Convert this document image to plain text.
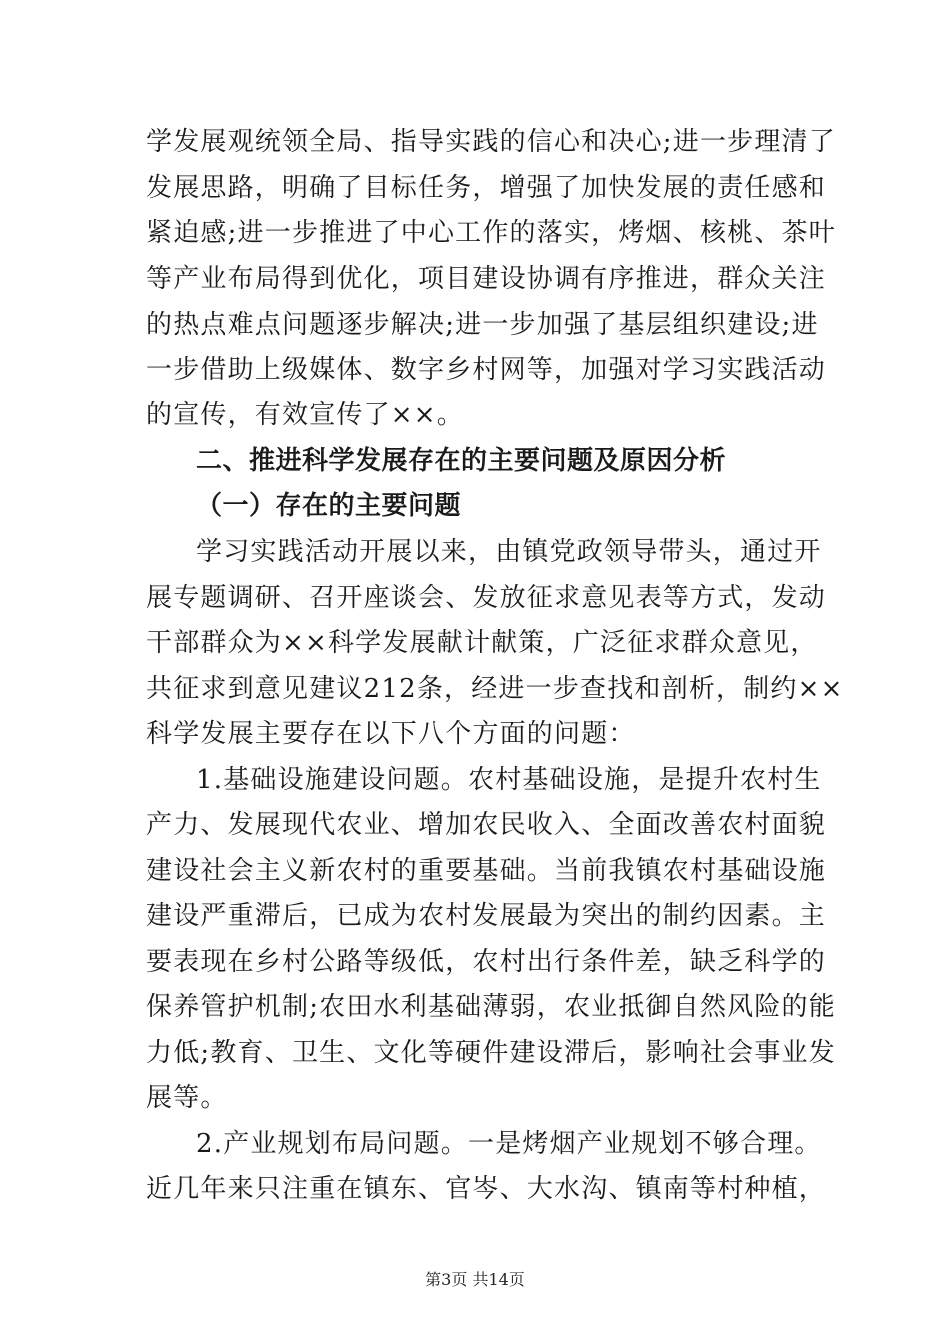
学发展观统领全局、指导实践的信心和决心;进一步理清了
发展思路，明确了目标任务，增强了加快发展的责任感和
紧迫感;进一步推进了中心工作的落实，烤烟、核桃、茶叶
等产业布局得到优化，项目建设协调有序推进，群众关注
的热点难点问题逐步解决;进一步加强了基层组织建设;进
一步借助上级媒体、数字乡村网等，加强对学习实践活动
的宣传，有效宣传了××。
二、推进科学发展存在的主要问题及原因分析
（一）存在的主要问题
学习实践活动开展以来，由镇党政领导带头，通过开
展专题调研、召开座谈会、发放征求意见表等方式，发动
干部群众为××科学发展献计献策，广泛征求群众意见，
共征求到意见建议212条，经进一步查找和剖析，制约××
科学发展主要存在以下八个方面的问题：
1.基础设施建设问题。农村基础设施，是提升农村生
产力、发展现代农业、增加农民收入、全面改善农村面貌
建设社会主义新农村的重要基础。当前我镇农村基础设施
建设严重滞后，已成为农村发展最为突出的制约因素。主
要表现在乡村公路等级低，农村出行条件差，缺乏科学的
保养管护机制;农田水利基础薄弱，农业抵御自然风险的能
力低;教育、卫生、文化等硬件建设滞后，影响社会事业发
展等。
2.产业规划布局问题。一是烤烟产业规划不够合理。
近几年来只注重在镇东、官岑、大水沟、镇南等村种植，
第3页 共14页
